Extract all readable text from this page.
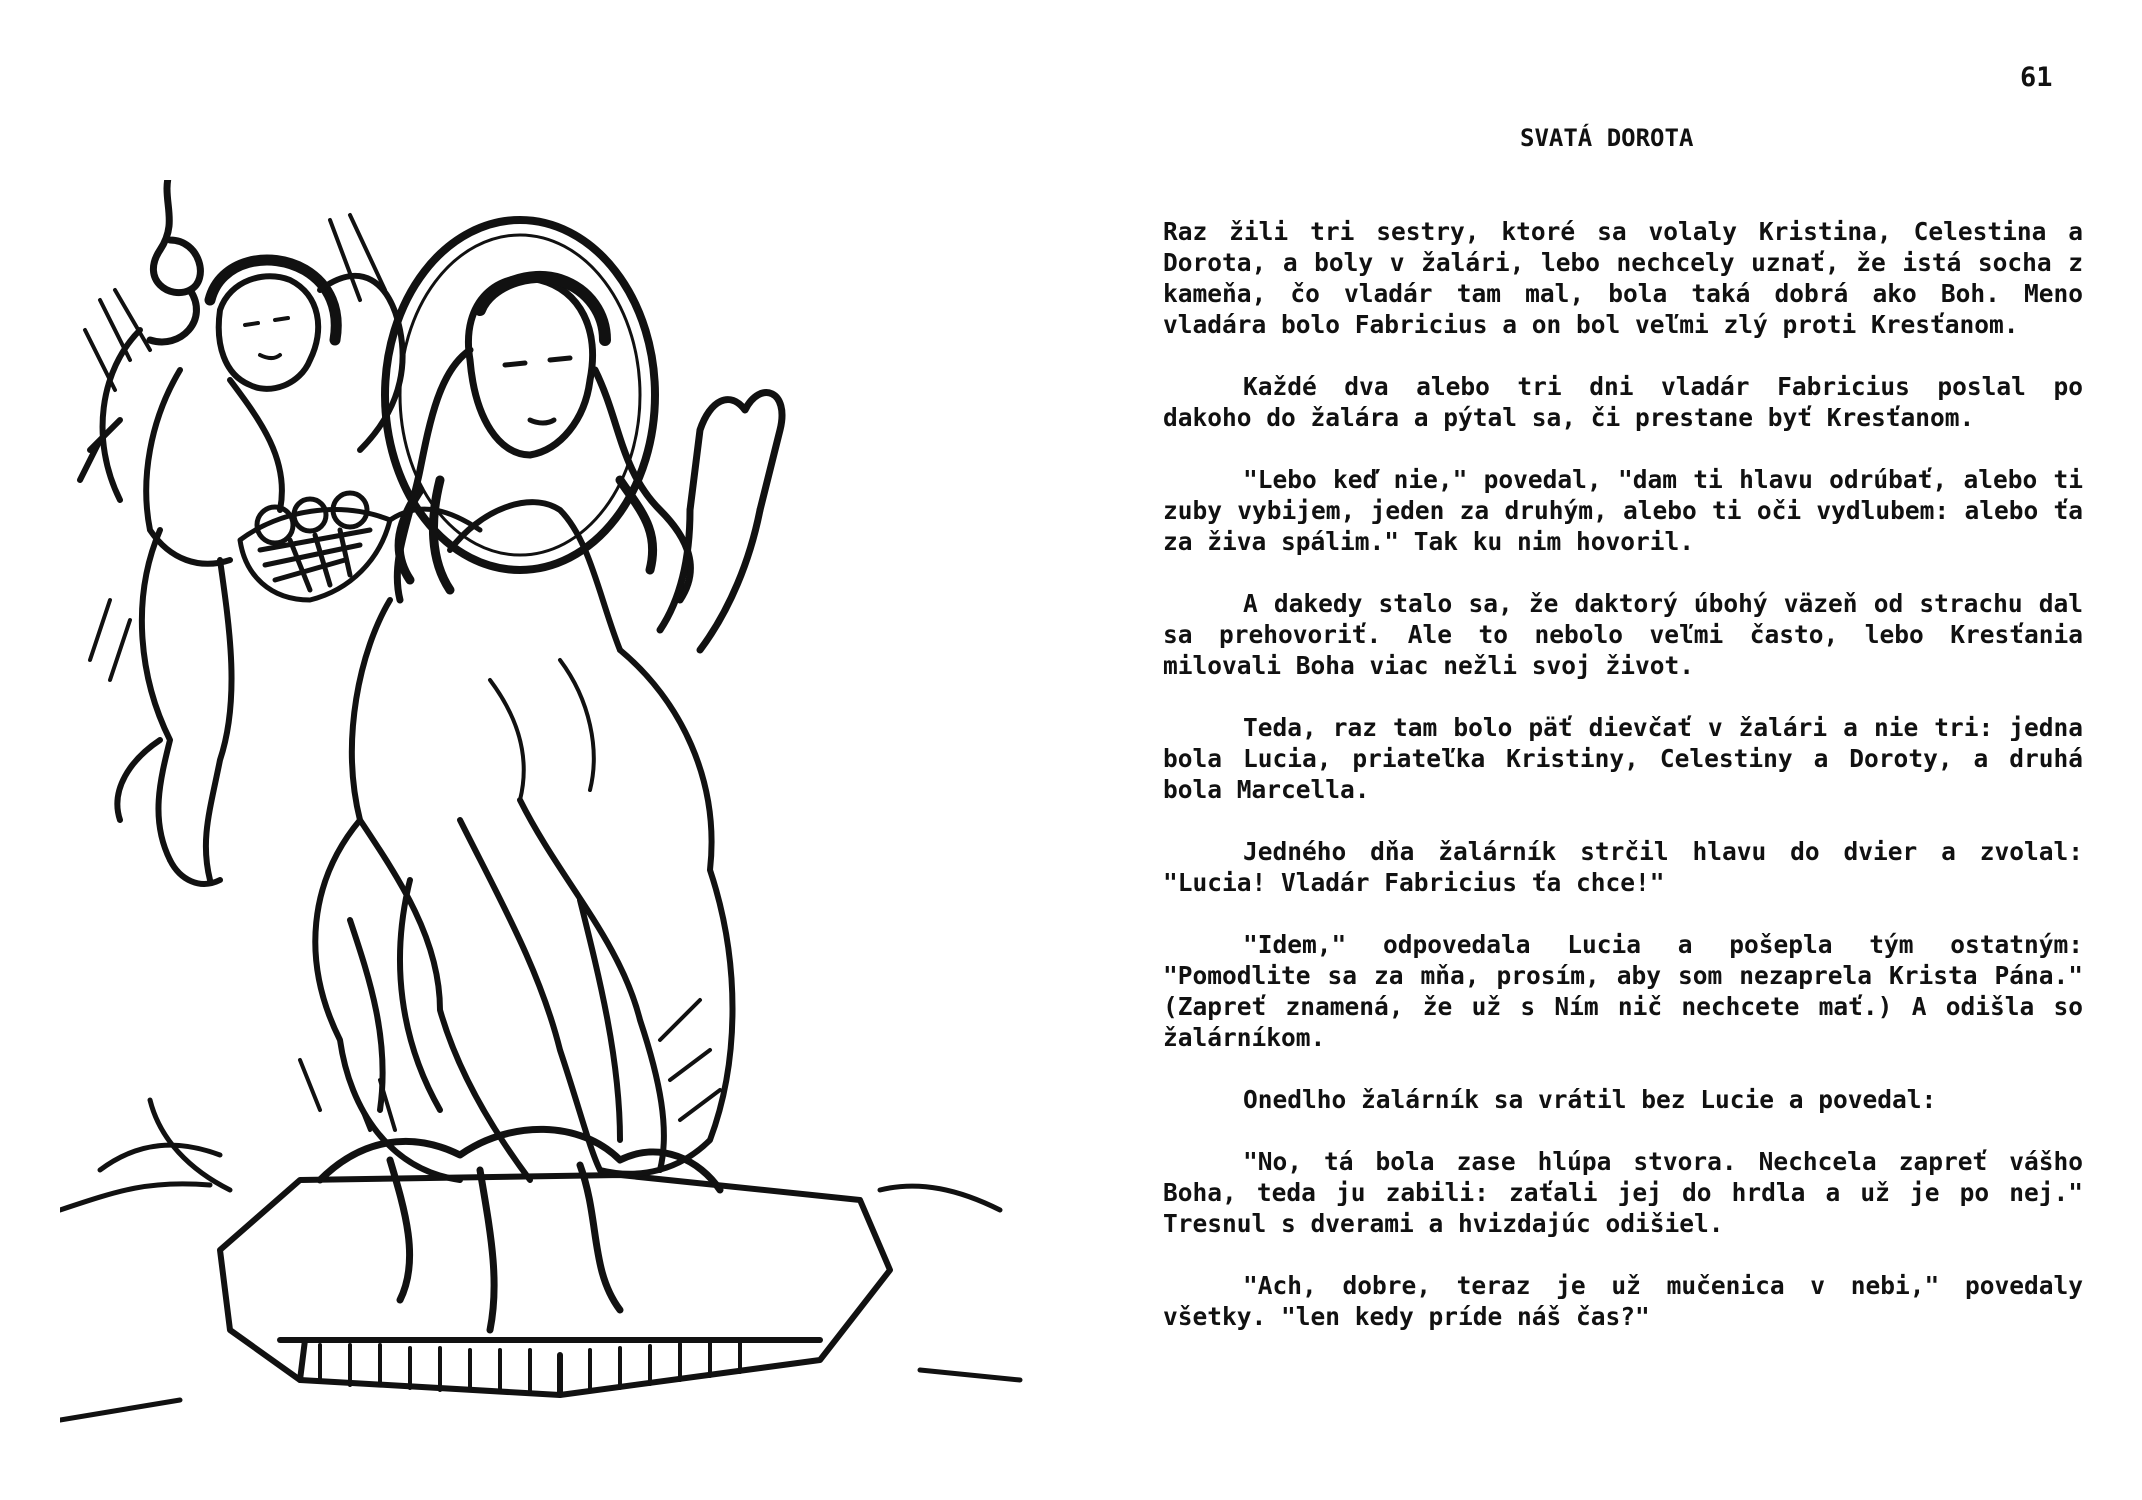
61
SVATÁ DOROTA

Raz žili tri sestry, ktoré sa volaly Kristina, Celestina a Dorota, a boly v žalári, lebo nechcely uznať, že istá socha z kameňa, čo vladár tam mal, bola taká dobrá ako Boh. Meno vladára bolo Fabricius a on bol veľmi zlý proti Kresťanom.

Každé dva alebo tri dni vladár Fabricius poslal po dakoho do žalára a pýtal sa, či prestane byť Kresťanom.

"Lebo keď nie," povedal, "dam ti hlavu odrúbať, alebo ti zuby vybijem, jeden za druhým, alebo ti oči vydlubem: alebo ťa za živa spálim." Tak ku nim hovoril.

A dakedy stalo sa, že daktorý úbohý väzeň od strachu dal sa prehovoriť. Ale to nebolo veľmi často, lebo Kresťania milovali Boha viac nežli svoj život.

Teda, raz tam bolo päť dievčať v žalári a nie tri: jedna bola Lucia, priateľka Kristiny, Celestiny a Doroty, a druhá bola Marcella.

Jedného dňa žalárník strčil hlavu do dvier a zvolal: "Lucia! Vladár Fabricius ťa chce!"

"Idem," odpovedala Lucia a pošepla tým ostatným: "Pomodlite sa za mňa, prosím, aby som nezaprela Krista Pána." (Zapreť znamená, že už s Ním nič nechcete mať.) A odišla so žalárníkom.

Onedlho žalárník sa vrátil bez Lucie a povedal:

"No, tá bola zase hlúpa stvora. Nechcela zapreť vášho Boha, teda ju zabili: zaťali jej do hrdla a už je po nej." Tresnul s dverami a hvizdajúc odišiel.

"Ach, dobre, teraz je už mučenica v nebi," povedaly všetky. "len kedy príde náš čas?"
